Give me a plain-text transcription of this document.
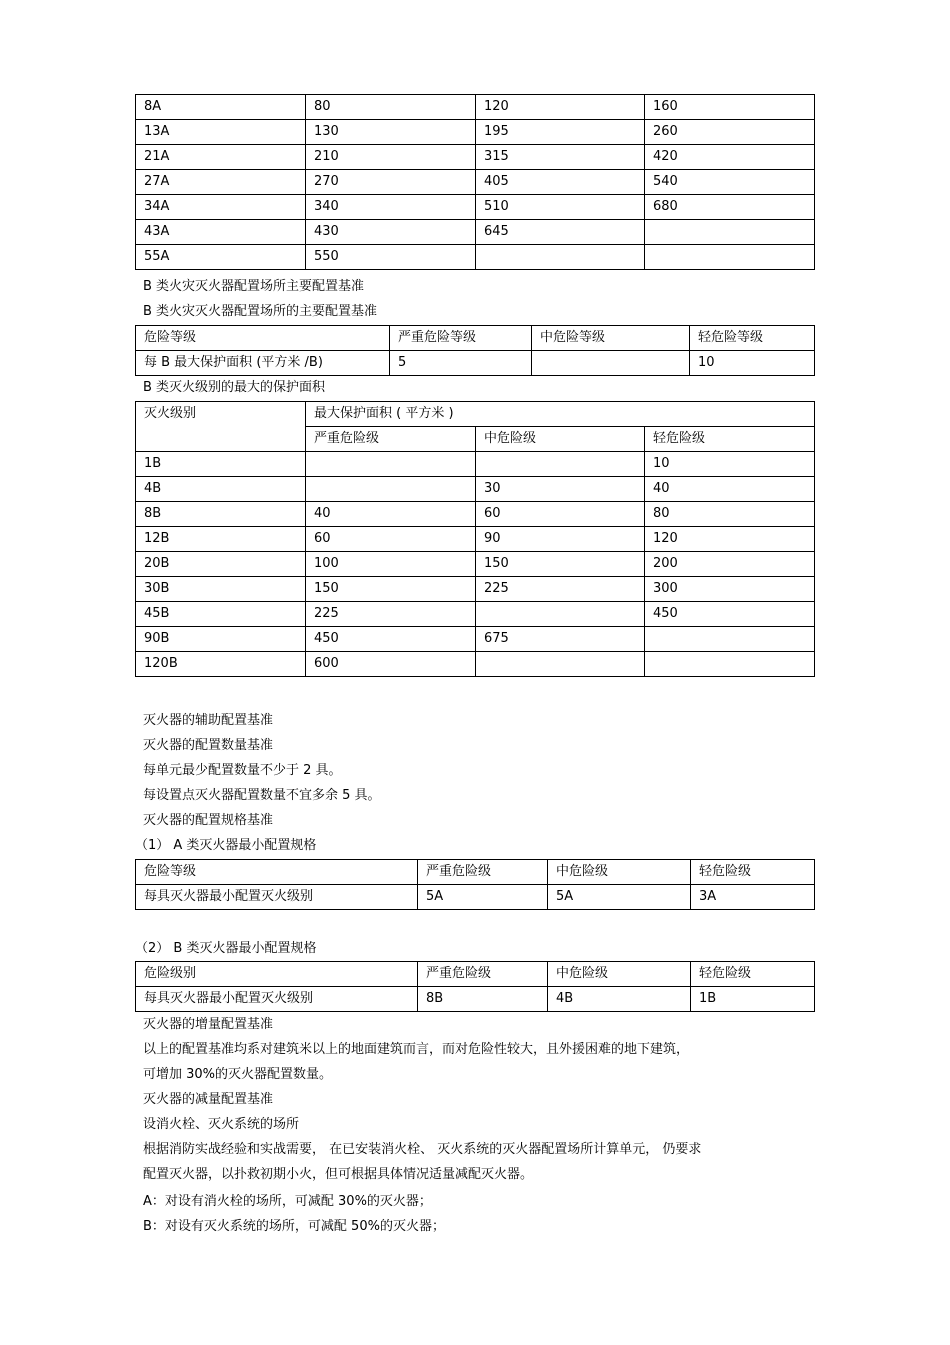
8A	80	120	160
13A	130	195	260
21A	210	315	420
27A	270	405	540
34A	340	510	680
43A	430	645	
55A	550		
B 类火灾灭火器配置场所主要配置基准
B 类火灾灭火器配置场所的主要配置基准
危险等级	严重危险等级	中危险等级	轻危险等级
每 B 最大保护面积 (平方米 /B)	5		10
B 类灭火级别的最大的保护面积
灭火级别	最大保护面积 ( 平方米 )		
	严重危险级	中危险级	轻危险级
1B			10
4B		30	40
8B	40	60	80
12B	60	90	120
20B	100	150	200
30B	150	225	300
45B	225		450
90B	450	675	
120B	600		
灭火器的辅助配置基准
灭火器的配置数量基准
每单元最少配置数量不少于 2 具。
每设置点灭火器配置数量不宜多余 5 具。
灭火器的配置规格基准
（1） A 类灭火器最小配置规格
危险等级	严重危险级	中危险级	轻危险级
每具灭火器最小配置灭火级别	5A	5A	3A
（2） B 类灭火器最小配置规格
危险级别	严重危险级	中危险级	轻危险级
每具灭火器最小配置灭火级别	8B	4B	1B
灭火器的增量配置基准
以上的配置基准均系对建筑米以上的地面建筑而言，而对危险性较大，且外援困难的地下建筑，
可增加 30%的灭火器配置数量。
灭火器的减量配置基准
设消火栓、灭火系统的场所
根据消防实战经验和实战需要， 在已安装消火栓、 灭火系统的灭火器配置场所计算单元， 仍要求
配置灭火器，以扑救初期小火，但可根据具体情况适量减配灭火器。
A：对设有消火栓的场所，可减配 30%的灭火器；
B：对设有灭火系统的场所，可减配 50%的灭火器；
